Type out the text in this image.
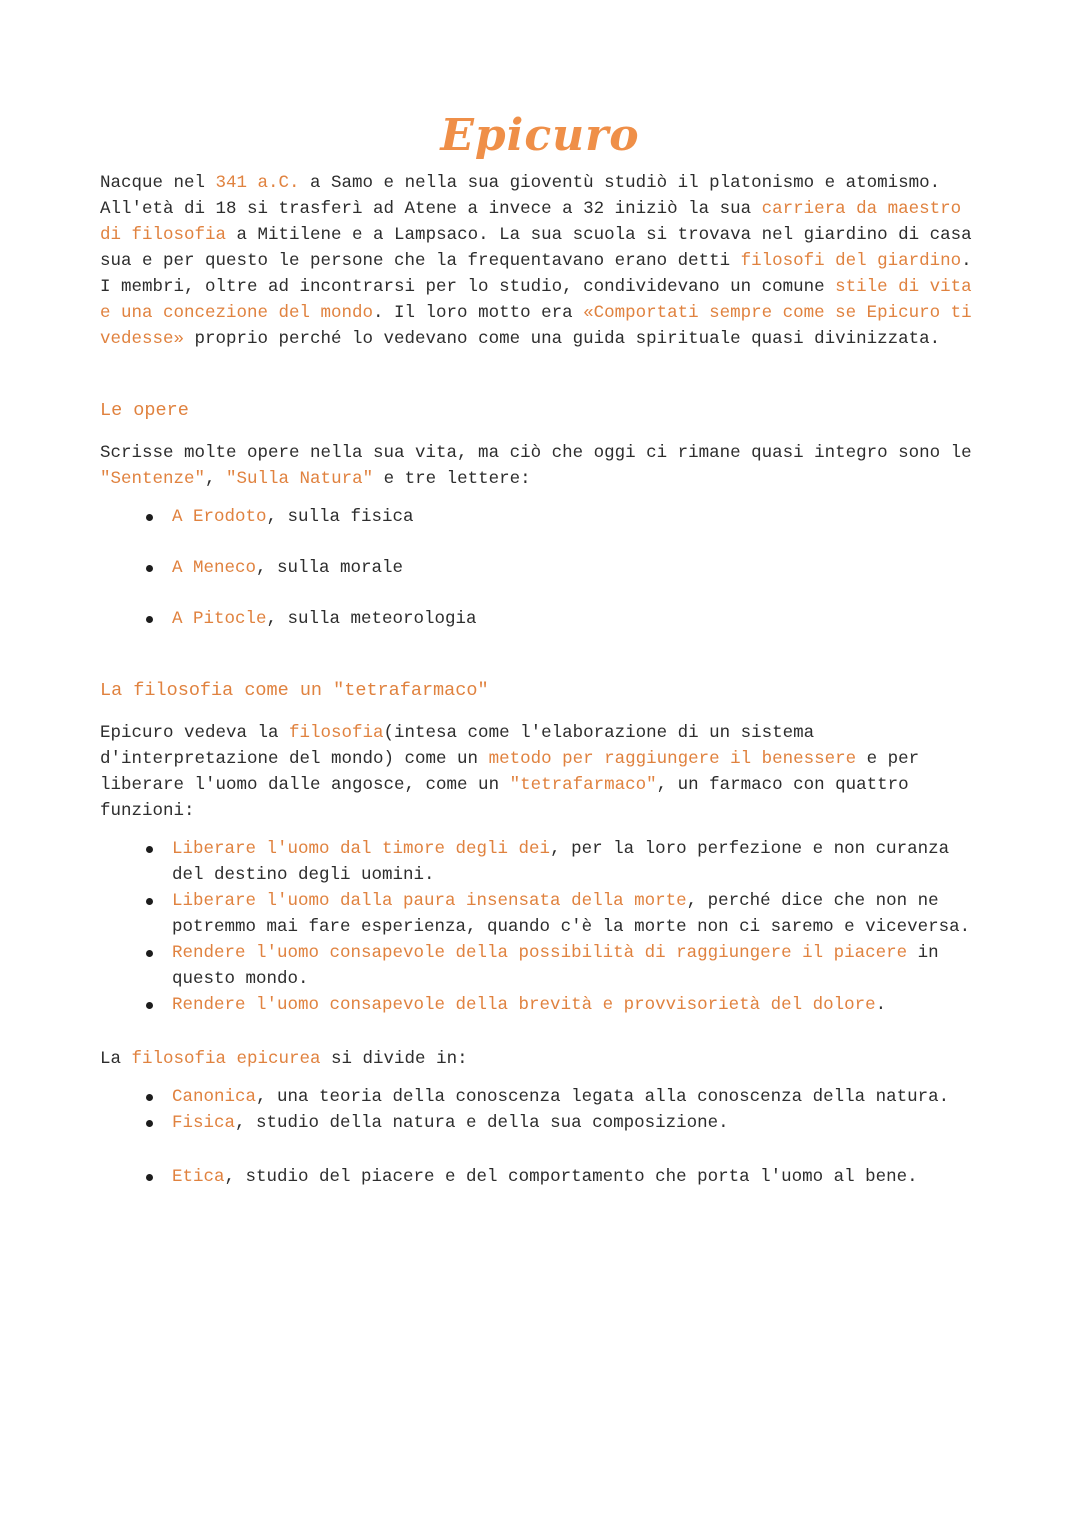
Epicuro

Nacque nel 341 a.C. a Samo e nella sua gioventù studiò il platonismo e atomismo. All'età di 18 si trasferì ad Atene a invece a 32 iniziò la sua carriera da maestro di filosofia a Mitilene e a Lampsaco. La sua scuola si trovava nel giardino di casa sua e per questo le persone che la frequentavano erano detti filosofi del giardino. I membri, oltre ad incontrarsi per lo studio, condividevano un comune stile di vita e una concezione del mondo. Il loro motto era «Comportati sempre come se Epicuro ti vedesse» proprio perché lo vedevano come una guida spirituale quasi divinizzata.

Le opere

Scrisse molte opere nella sua vita, ma ciò che oggi ci rimane quasi integro sono le "Sentenze", "Sulla Natura" e tre lettere:

A Erodoto, sulla fisica
A Meneco, sulla morale
A Pitocle, sulla meteorologia
La filosofia come un "tetrafarmaco"

Epicuro vedeva la filosofia(intesa come l'elaborazione di un sistema d'interpretazione del mondo) come un metodo per raggiungere il benessere e per liberare l'uomo dalle angosce, come un "tetrafarmaco", un farmaco con quattro funzioni:

Liberare l'uomo dal timore degli dei, per la loro perfezione e non curanza del destino degli uomini.
Liberare l'uomo dalla paura insensata della morte, perché dice che non ne potremmo mai fare esperienza, quando c'è la morte non ci saremo e viceversa.
Rendere l'uomo consapevole della possibilità di raggiungere il piacere in questo mondo.
Rendere l'uomo consapevole della brevità e provvisorietà del dolore.

La filosofia epicurea si divide in:

Canonica, una teoria della conoscenza legata alla conoscenza della natura.
Fisica, studio della natura e della sua composizione.
Etica, studio del piacere e del comportamento che porta l'uomo al bene.
